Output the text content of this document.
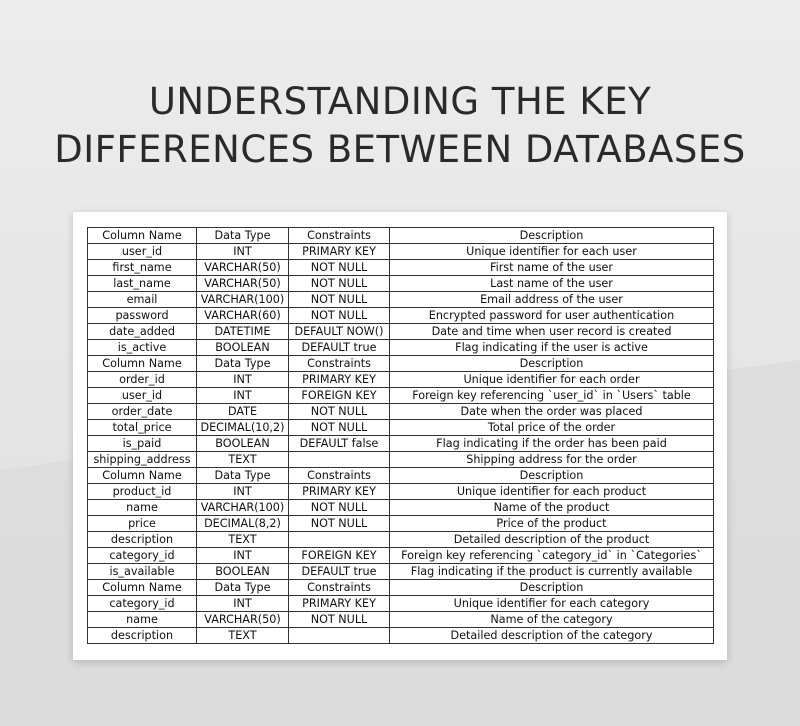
UNDERSTANDING THE KEY
DIFFERENCES BETWEEN DATABASES
Column Name	Data Type	Constraints	Description
user_id	INT	PRIMARY KEY	Unique identifier for each user
first_name	VARCHAR(50)	NOT NULL	First name of the user
last_name	VARCHAR(50)	NOT NULL	Last name of the user
email	VARCHAR(100)	NOT NULL	Email address of the user
password	VARCHAR(60)	NOT NULL	Encrypted password for user authentication
date_added	DATETIME	DEFAULT NOW()	Date and time when user record is created
is_active	BOOLEAN	DEFAULT true	Flag indicating if the user is active
Column Name	Data Type	Constraints	Description
order_id	INT	PRIMARY KEY	Unique identifier for each order
user_id	INT	FOREIGN KEY	Foreign key referencing `user_id` in `Users` table
order_date	DATE	NOT NULL	Date when the order was placed
total_price	DECIMAL(10,2)	NOT NULL	Total price of the order
is_paid	BOOLEAN	DEFAULT false	Flag indicating if the order has been paid
shipping_address	TEXT		Shipping address for the order
Column Name	Data Type	Constraints	Description
product_id	INT	PRIMARY KEY	Unique identifier for each product
name	VARCHAR(100)	NOT NULL	Name of the product
price	DECIMAL(8,2)	NOT NULL	Price of the product
description	TEXT		Detailed description of the product
category_id	INT	FOREIGN KEY	Foreign key referencing `category_id` in `Categories`
is_available	BOOLEAN	DEFAULT true	Flag indicating if the product is currently available
Column Name	Data Type	Constraints	Description
category_id	INT	PRIMARY KEY	Unique identifier for each category
name	VARCHAR(50)	NOT NULL	Name of the category
description	TEXT		Detailed description of the category
